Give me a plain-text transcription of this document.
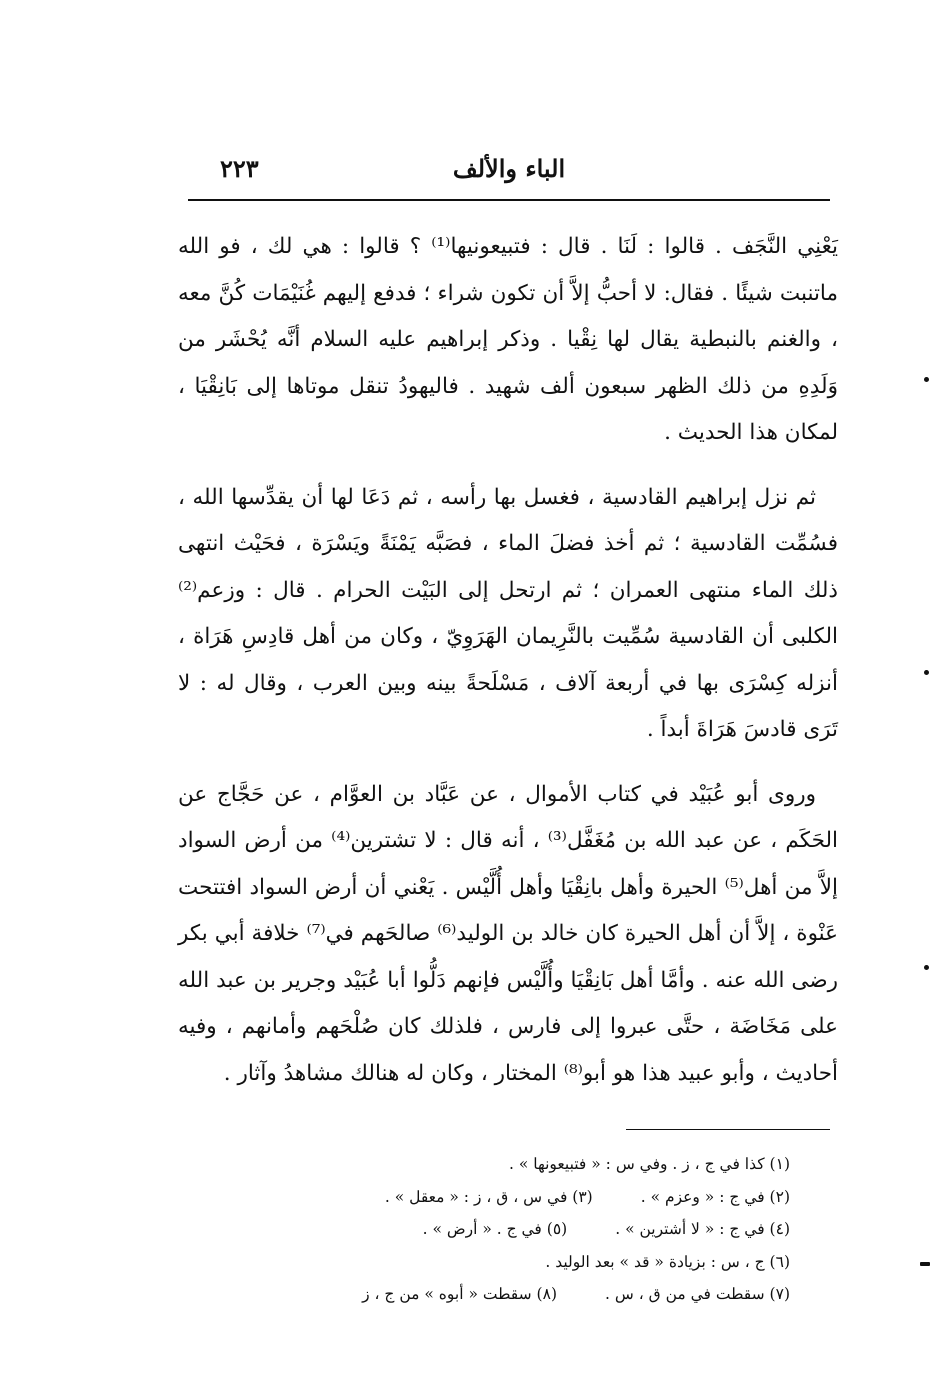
الباء والألف
٢٢٣

يَعْنِي النَّجَف . قالوا : لَنَا . قال : فتبيعونيها⁽¹⁾ ؟ قالوا : هي لك ، فو الله ماتنبت شيئًا . فقال: لا أحبُّ إلاَّ أن تكون شراء ؛ فدفع إليهم غُنَيْمَات كُنَّ معه ، والغنم بالنبطية يقال لها نِقْيا . وذكر إبراهيم عليه السلام أنَّه يُحْشَر من وَلَدِهِ من ذلك الظهر سبعون ألف شهيد . فاليهودُ تنقل موتاها إلى بَانِقْيَا ، لمكان هذا الحديث .

ثم نزل إبراهيم القادسية ، فغسل بها رأسه ، ثم دَعَا لها أن يقدِّسها الله ، فسُمِّت القادسية ؛ ثم أخذ فضلَ الماء ، فصَبَّه يَمْنَةً ويَسْرَة ، فحَيْث انتهى ذلك الماء منتهى العمران ؛ ثم ارتحل إلى البَيْت الحرام . قال : وزعم⁽²⁾ الكلبى أن القادسية سُمِّيت بالنَّرِيمان الهَرَوِيّ ، وكان من أهل قادِسِ هَرَاة ، أنزله كِسْرَى بها في أربعة آلاف ، مَسْلَحةً بينه وبين العرب ، وقال له : لا تَرَى قادسَ هَرَاةَ أبداً .

وروى أبو عُبَيْد في كتاب الأموال ، عن عَبَّاد بن العوَّام ، عن حَجَّاج عن الحَكَم ، عن عبد الله بن مُغَفَّل⁽³⁾ ، أنه قال : لا تشترين⁽⁴⁾ من أرض السواد إلاَّ من أهل⁽⁵⁾ الحيرة وأهل بانِقْيَا وأهل أُلَّيْس . يَعْني أن أرض السواد افتتحت عَنْوة ، إلاَّ أن أهل الحيرة كان خالد بن الوليد⁽⁶⁾ صالحَهم في⁽⁷⁾ خلافة أبي بكر رضى الله عنه . وأمَّا أهل بَانِقْيَا وأُلَّيْس فإنهم دَلُّوا أبا عُبَيْد وجرير بن عبد الله على مَخَاضَة ، حتَّى عبروا إلى فارس ، فلذلك كان صُلْحَهم وأمانهم ، وفيه أحاديث ، وأبو عبيد هذا هو أبو⁽⁸⁾ المختار ، وكان له هنالك مشاهدُ وآثار .

(١) كذا في ج ، ز . وفي س : « فتبيعونها » .
(٢) في ج : « وعزم » .(٣) في س ، ق ، ز : « معقل » .
(٤) في ج : « لا أشترين » .(٥) في ج . « أرض » .
(٦) ج ، س : بزيادة « قد » بعد الوليد .
(٧) سقطت في من ق ، س .(٨) سقطت « أبوه » من ج ، ز
